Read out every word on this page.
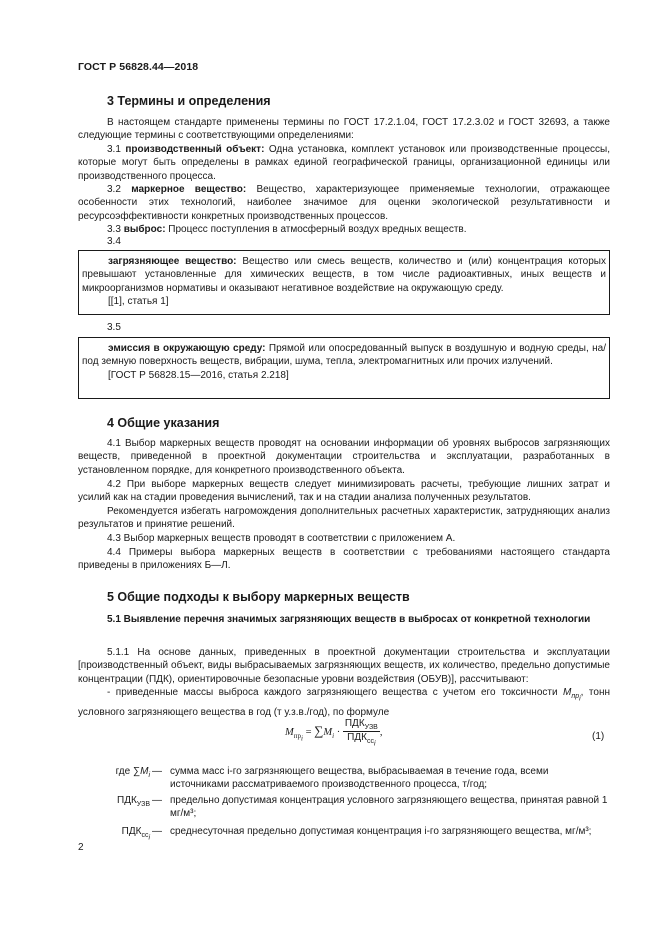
ГОСТ Р 56828.44—2018
3 Термины и определения
В настоящем стандарте применены термины по ГОСТ 17.2.1.04, ГОСТ 17.2.3.02 и ГОСТ 32693, а также следующие термины с соответствующими определениями:
3.1 производственный объект: Одна установка, комплект установок или производственные процессы, которые могут быть определены в рамках единой географической границы, организационной единицы или производственного процесса.
3.2 маркерное вещество: Вещество, характеризующее применяемые технологии, отражающее особенности этих технологий, наиболее значимое для оценки экологической результативности и ресурсоэффективности конкретных производственных процессов.
3.3 выброс: Процесс поступления в атмосферный воздух вредных веществ.
3.4

загрязняющее вещество: Вещество или смесь веществ, количество и (или) концентрация которых превышают установленные для химических веществ, в том числе радиоактивных, иных веществ и микроорганизмов нормативы и оказывают негативное воздействие на окружающую среду.

[[1], статья 1]

3.5

эмиссия в окружающую среду: Прямой или опосредованный выпуск в воздушную и водную среды, на/под земную поверхность веществ, вибрации, шума, тепла, электромагнитных или прочих излучений.

[ГОСТ Р 56828.15—2016, статья 2.218]

4 Общие указания
4.1 Выбор маркерных веществ проводят на основании информации об уровнях выбросов загрязняющих веществ, приведенной в проектной документации строительства и эксплуатации, разработанных в установленном порядке, для конкретного производственного объекта.
4.2 При выборе маркерных веществ следует минимизировать расчеты, требующие лишних затрат и усилий как на стадии проведения вычислений, так и на стадии анализа полученных результатов.
Рекомендуется избегать нагромождения дополнительных расчетных характеристик, затрудняющих анализ результатов и принятие решений.
4.3 Выбор маркерных веществ проводят в соответствии с приложением А.
4.4 Примеры выбора маркерных веществ в соответствии с требованиями настоящего стандарта приведены в приложениях Б—Л.
5 Общие подходы к выбору маркерных веществ
5.1 Выявление перечня значимых загрязняющих веществ в выбросах от конкретной технологии
5.1.1 На основе данных, приведенных в проектной документации строительства и эксплуатации [производственный объект, виды выбрасываемых загрязняющих веществ, их количество, предельно допустимые концентрации (ПДК), ориентировочные безопасные уровни воздействия (ОБУВ)], рассчитывают:
- приведенные массы выброса каждого загрязняющего вещества с учетом его токсичности $M_{пр_i}$, тонн условного загрязняющего вещества в год (т у.з.в./год), по формуле
$M_{пр_i} = \sum M_i \cdot \frac{ПДК_{УЗВ}}{ПДК_{сс_i}}$ ,	(1)
где $\sum M_i$ — сумма масс i-го загрязняющего вещества, выбрасываемая в течение года, всеми источниками рассматриваемого производственного процесса, т/год;
$ПДК_{УЗВ}$ — предельно допустимая концентрация условного загрязняющего вещества, принятая равной 1 мг/м³;
$ПДК_{сс_i}$
— среднесуточная предельно допустимая концентрация i-го загрязняющего вещества, мг/м³;
2
